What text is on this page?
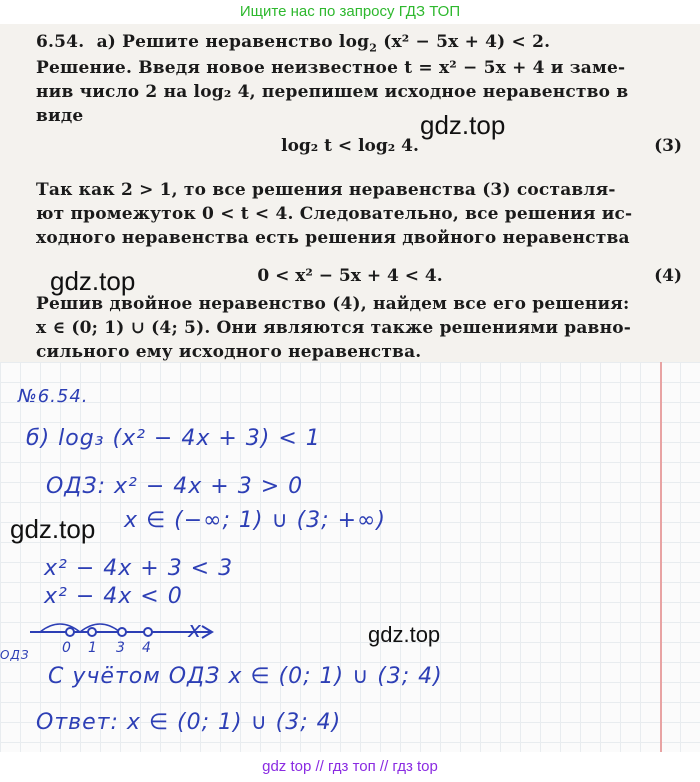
Ищите нас по запросу ГДЗ ТОП
6.54. а) Решите неравенство $\log_2 (x^2 - 5x + 4) < 2$.
Решение. Введя новое неизвестное t = x² − 5x + 4 и заме-
нив число 2 на log₂ 4, перепишем исходное неравенство в
виде
log₂ t < log₂ 4.	(3)
Так как 2 > 1, то все решения неравенства (3) составля-
ют промежуток 0 < t < 4. Следовательно, все решения ис-
ходного неравенства есть решения двойного неравенства
0 < x² − 5x + 4 < 4.	(4)
Решив двойное неравенство (4), найдем все его решения:
x ∈ (0; 1) ∪ (4; 5). Они являются также решениями равно-
сильного ему исходного неравенства.
gdz.top
gdz.top
№6.54.
б) log₃ (x² − 4x + 3) < 1
ОДЗ: x² − 4x + 3 > 0
x ∈ (−∞; 1) ∪ (3; +∞)
x² − 4x + 3 < 3
x² − 4x < 0
x
ОДЗ 0 1 3 4
С учётом ОДЗ x ∈ (0; 1) ∪ (3; 4)
Ответ: x ∈ (0; 1) ∪ (3; 4)
gdz.top
gdz.top
gdz top // гдз топ // гдз top
